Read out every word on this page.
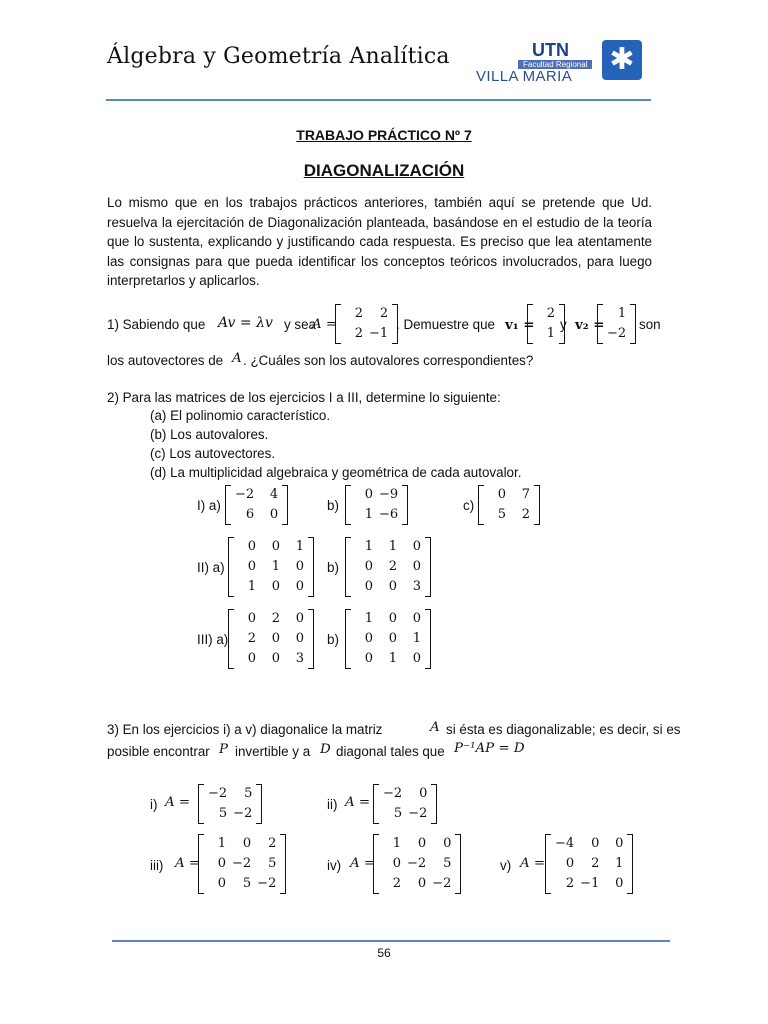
Álgebra y Geometría Analítica	UTN
Facultad Regional
VILLA MARIA
✱
TRABAJO PRÁCTICO Nº 7
DIAGONALIZACIÓN
Lo mismo que en los trabajos prácticos anteriores, también aquí se pretende que Ud. resuelva la ejercitación de Diagonalización planteada, basándose en el estudio de la teoría que lo sustenta, explicando y justificando cada respuesta. Es preciso que lea atentamente las consignas para que pueda identificar los conceptos teóricos involucrados, para luego interpretarlos y aplicarlos.
1) Sabiendo que Av = λv y sea
A =
2	2
2	−1
. Demuestre que v₁ =
2
1
y v₂ =
1
−2
son
los autovectores de A . ¿Cuáles son los autovalores correspondientes?
2) Para las matrices de los ejercicios I a III, determine lo siguiente:
(a) El polinomio característico.
(b) Los autovalores.
(c) Los autovectores.
(d) La multiplicidad algebraica y geométrica de cada autovalor.
I) a)
−2	4
6	0
b)
0	−9
1	−6
c)
0	7
5	2
II) a)
0	0	1
0	1	0
1	0	0
b)
1	1	0
0	2	0
0	0	3
III) a)
0	2	0
2	0	0
0	0	3
b)
1	0	0
0	0	1
0	1	0
3) En los ejercicios i) a v) diagonalice la matriz	A si ésta es diagonalizable; es decir, si es
posible encontrar P invertible y a D diagonal tales que P⁻¹AP = D
i) A =
−2	5
5	−2
ii) A =
−2	0
5	−2
iii) A =
1	0	2
0	−2	5
0	5	−2
iv) A =
1	0	0
0	−2	5
2	0	−2
v) A =
−4	0	0
0	2	1
2	−1	0
56
